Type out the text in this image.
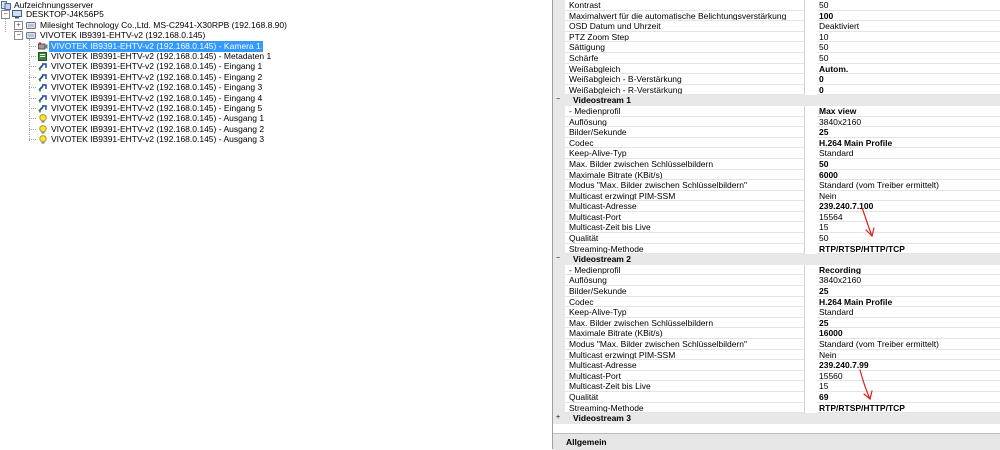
Aufzeichnungsserver
− DESKTOP-J4K56P5
+ Milesight Technology Co.,Ltd. MS-C2941-X30RPB (192.168.8.90)
− VIVOTEK IB9391-EHTV-v2 (192.168.0.145)
VIVOTEK IB9391-EHTV-v2 (192.168.0.145) - Kamera 1
VIVOTEK IB9391-EHTV-v2 (192.168.0.145) - Metadaten 1
VIVOTEK IB9391-EHTV-v2 (192.168.0.145) - Eingang 1
VIVOTEK IB9391-EHTV-v2 (192.168.0.145) - Eingang 2
VIVOTEK IB9391-EHTV-v2 (192.168.0.145) - Eingang 3
VIVOTEK IB9391-EHTV-v2 (192.168.0.145) - Eingang 4
VIVOTEK IB9391-EHTV-v2 (192.168.0.145) - Eingang 5
VIVOTEK IB9391-EHTV-v2 (192.168.0.145) - Ausgang 1
VIVOTEK IB9391-EHTV-v2 (192.168.0.145) - Ausgang 2
VIVOTEK IB9391-EHTV-v2 (192.168.0.145) - Ausgang 3
Kontrast	50
Maximalwert für die automatische Belichtungsverstärkung	100
OSD Datum und Uhrzeit	Deaktiviert
PTZ Zoom Step	10
Sättigung	50
Schärfe	50
Weißabgleich	Autom.
Weißabgleich - B-Verstärkung	0
Weißabgleich - R-Verstärkung	0
−	Videostream 1
- Medienprofil	Max view
Auflösung	3840x2160
Bilder/Sekunde	25
Codec	H.264 Main Profile
Keep-Alive-Typ	Standard
Max. Bilder zwischen Schlüsselbildern	50
Maximale Bitrate (KBit/s)	6000
Modus "Max. Bilder zwischen Schlüsselbildern"	Standard (vom Treiber ermittelt)
Multicast erzwingt PIM-SSM	Nein
Multicast-Adresse	239.240.7.100
Multicast-Port	15564
Multicast-Zeit bis Live	15
Qualität	50
Streaming-Methode	RTP/RTSP/HTTP/TCP
−	Videostream 2
- Medienprofil	Recording
Auflösung	3840x2160
Bilder/Sekunde	25
Codec	H.264 Main Profile
Keep-Alive-Typ	Standard
Max. Bilder zwischen Schlüsselbildern	25
Maximale Bitrate (KBit/s)	16000
Modus "Max. Bilder zwischen Schlüsselbildern"	Standard (vom Treiber ermittelt)
Multicast erzwingt PIM-SSM	Nein
Multicast-Adresse	239.240.7.99
Multicast-Port	15560
Multicast-Zeit bis Live	15
Qualität	69
Streaming-Methode	RTP/RTSP/HTTP/TCP
+	Videostream 3
Allgemein
